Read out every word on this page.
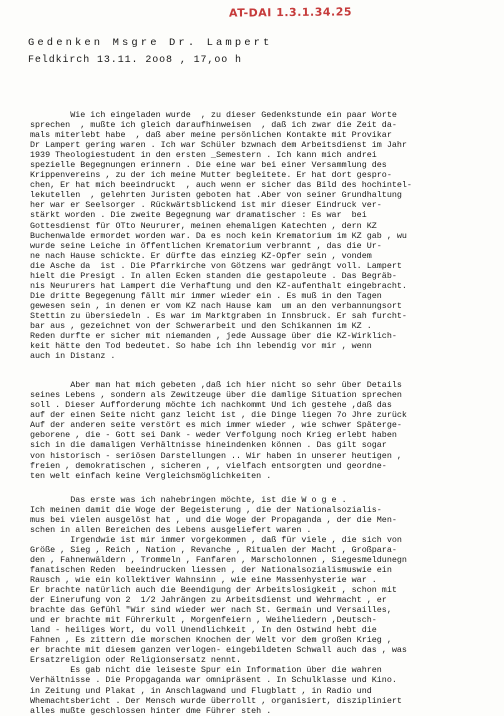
AT-DAI 1.3.1.34.25
Gedenken Msgre Dr. Lampert
Feldkirch 13.11. 2oo8 , 17,oo h
Wie ich eingeladen wurde  , zu dieser Gedenkstunde ein paar Worte
sprechen  , mußte ich gleich daraufhinweisen  , daß ich zwar die Zeit da-
mals miterlebt habe  , daß aber meine persönlichen Kontakte mit Provikar
Dr Lampert gering waren . Ich war Schüler bzwnach dem Arbeitsdienst im Jahr
1939 Theologiestudent in den ersten _Semestern . Ich kann mich andrei
spezielle Begegnungen erinnern . Die eine war bei einer Versammlung des
Krippenvereins , zu der ich meine Mutter begleitete. Er hat dort gespro-
chen, Er hat mich beeindruckt  , auch wenn er sicher das Bild des hochintel-
lekutellen  , gelehrten Juristen geboten hat .Aber von seiner Grundhaltung
her war er Seelsorger . Rückwärtsblickend ist mir dieser Eindruck ver-
stärkt worden . Die zweite Begegnung war dramatischer : Es war  bei
Gottesdienst für OTto Neururer, meinen ehemaligen Katechten , dern KZ
Buchenwalde ermordet worden war. Da es noch kein Krematorium im KZ gab , wu
wurde seine Leiche in öffentlichen Krematorium verbrannt , das die Ur-
ne nach Hause schickte. Er dürfte das einzieg KZ-Opfer sein , vondem
die Asche da  ist . Die Pfarrkirche von Götzens war gedrängt voll. Lampert
hielt die Presigt . In allen Ecken standen die gestapoleute . Das Begräb-
nis Neururers hat Lampert die Verhaftung und den KZ-aufenthalt eingebracht.
Die dritte Begegenung fällt mir immer wieder ein . Es muß in den Tagen
gewesen sein , in denen er vom KZ nach Hause kam  um an den verbannungsort
Stettin zu übersiedeln . Es war im Marktgraben in Innsbruck. Er sah furcht-
bar aus , gezeichnet von der Schwerarbeit und den Schikannen im KZ .
Reden durfte er sicher mit niemanden , jede Aussage über die KZ-Wirklich-
keit hätte den Tod bedeutet. So habe ich ihn lebendig vor mir , wenn
auch in Distanz .
Aber man hat mich gebeten ,daß ich hier nicht so sehr über Details
seines Lebens , sondern als Zewitzeuge über die damlige Situation sprechen
soll . Dieser Aufforderung möchte ich nachkommt Und ich gestehe ,daß das
auf der einen Seite nicht ganz leicht ist , die Dinge liegen 7o Jhre zurück
Auf der anderen seite verstört es mich immer wieder , wie schwer Späterge-
geborene , die - Gott sei Dank - weder Verfolgung noch Krieg erlebt haben
sich in die damaligen Verhältnisse hineindenken können . Das gilt sogar
von historisch - seriösen Darstellungen .. Wir haben in unserer heutigen ,
freien , demokratischen , sicheren , , vielfach entsorgten und geordne-
ten welt einfach keine Vergleichsmöglichkeiten .
Das erste was ich nahebringen möchte, ist die W o g e .
Ich meinen damit die Woge der Begeisterung , die der Nationalsozialis-
mus bei vielen ausgelöst hat , und die Woge der Propaganda , der die Men-
schen in allen Bereichen des Lebens ausgeliefert waren .
Irgendwie ist mir immer vorgekommen , daß für viele , die sich von
Größe , Sieg , Reich , Nation , Revanche , Ritualen der Macht , Großpara-
den , Fahnenwäldern , Trommeln , Fanfaren , Marscholonnen , Siegesmeldunegn
fanatischen Reden  beeindrucken liessen , der Nationalsozialismuswie ein
Rausch , wie ein kollektiver Wahnsinn , wie eine Massenhysterie war .
Er brachte natürlich auch die Beendigung der Arbeitslosigkeit , schon mit
der Einerufung von 2  1/2 Jahrängen zu Arbeitsdienst und Wehrmacht , er
brachte das Gefühl "Wir sind wieder wer nach St. Germain und Versailles,
und er brachte mit Führerkult , Morgenfeiern , Weiheliedern ,Deutsch-
land - heiliges Wort, du voll Unendlichkeit , In den Ostwind hebt die
Fahnen , Es zittern die morschen Knochen der Welt vor dem großen Krieg ,
er brachte mit diesem ganzen verlogen- eingebildeten Schwall auch das , was
Ersatzreligion oder Religionsersatz nennt.
Es gab nicht die leiseste Spur ein Information über die wahren
Verhältnisse . Die Propgaganda war omnipräsent . In Schulklasse und Kino.
in Zeitung und Plakat , in Anschlagwand und Flugblatt , in Radio und
Whemachtsbericht . Der Mensch wurde überrollt , organisiert, diszipliniert
alles mußte geschlossen hinter dme Führer steh .
